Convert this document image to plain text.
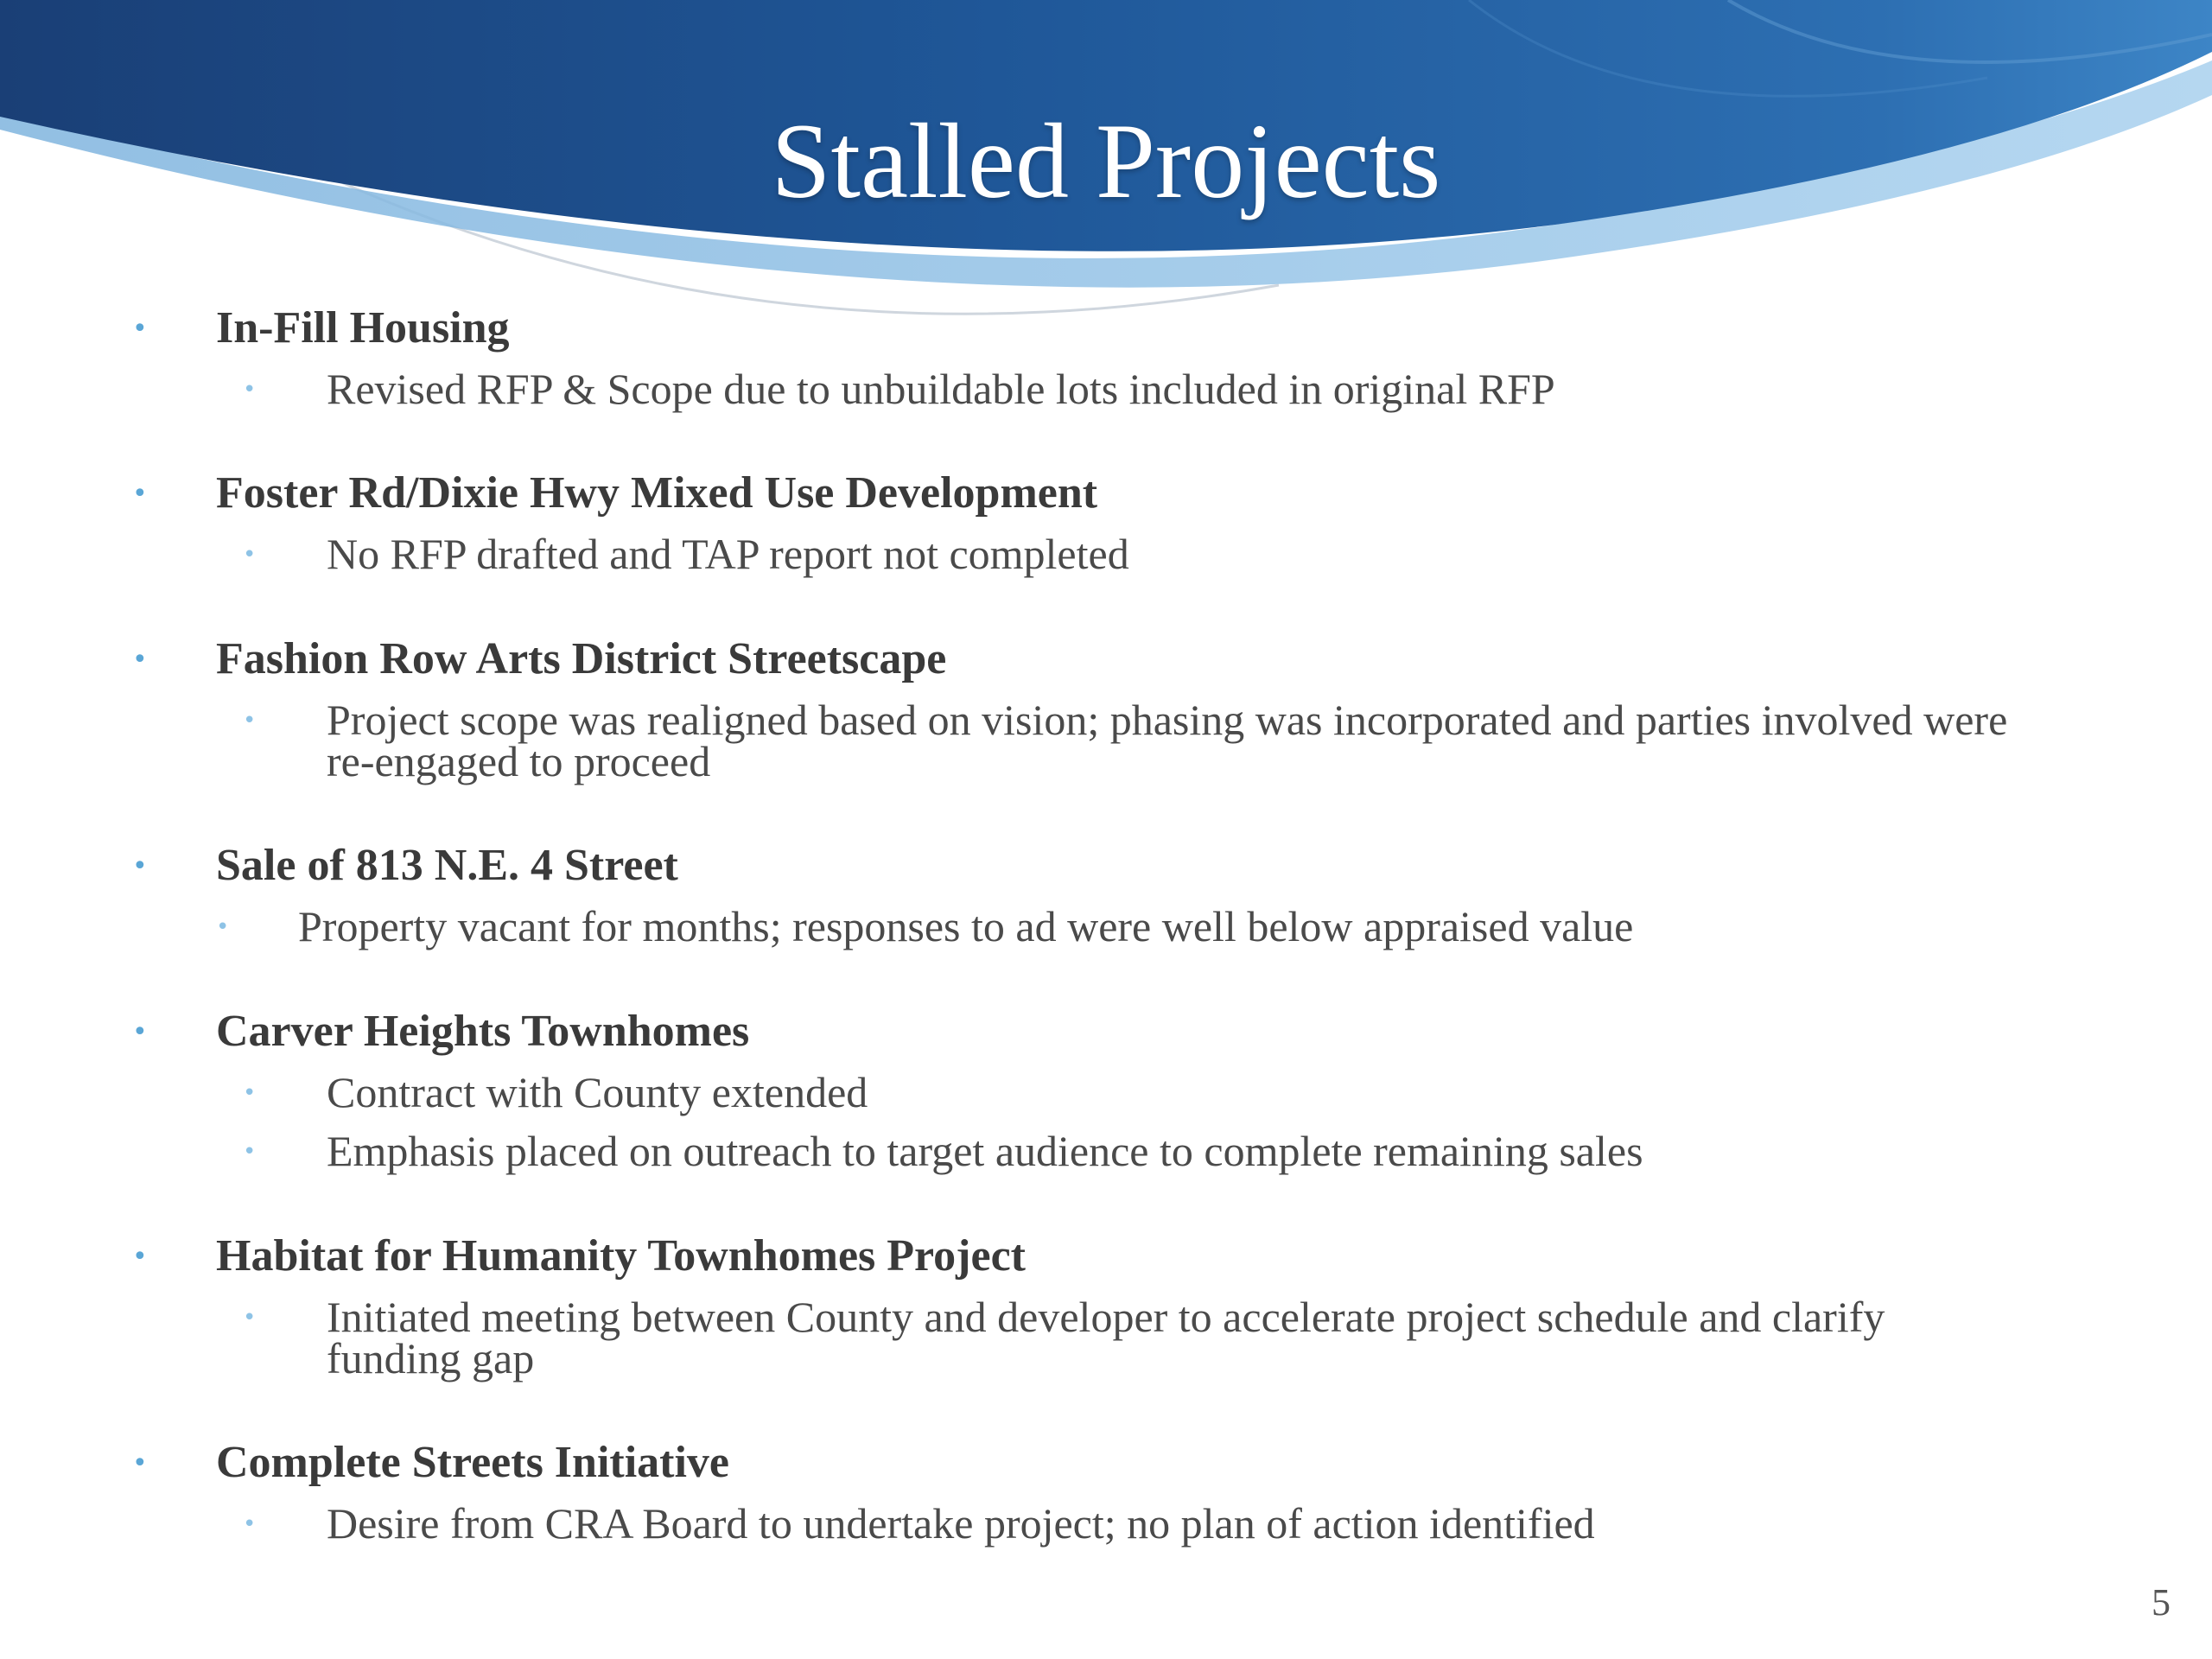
Stalled Projects
• In-Fill Housing
• Revised RFP & Scope due to unbuildable lots included in original RFP
• Foster Rd/Dixie Hwy Mixed Use Development
• No RFP drafted and TAP report not completed
• Fashion Row Arts District Streetscape
• Project scope was realigned based on vision; phasing was incorporated and parties involved were re-engaged to proceed
• Sale of 813 N.E. 4 Street
• Property vacant for months; responses to ad were well below appraised value
• Carver Heights Townhomes
• Contract with County extended
• Emphasis placed on outreach to target audience to complete remaining sales
• Habitat for Humanity Townhomes Project
• Initiated meeting between County and developer to accelerate project schedule and clarify funding gap
• Complete Streets Initiative
• Desire from CRA Board to undertake project; no plan of action identified
5
